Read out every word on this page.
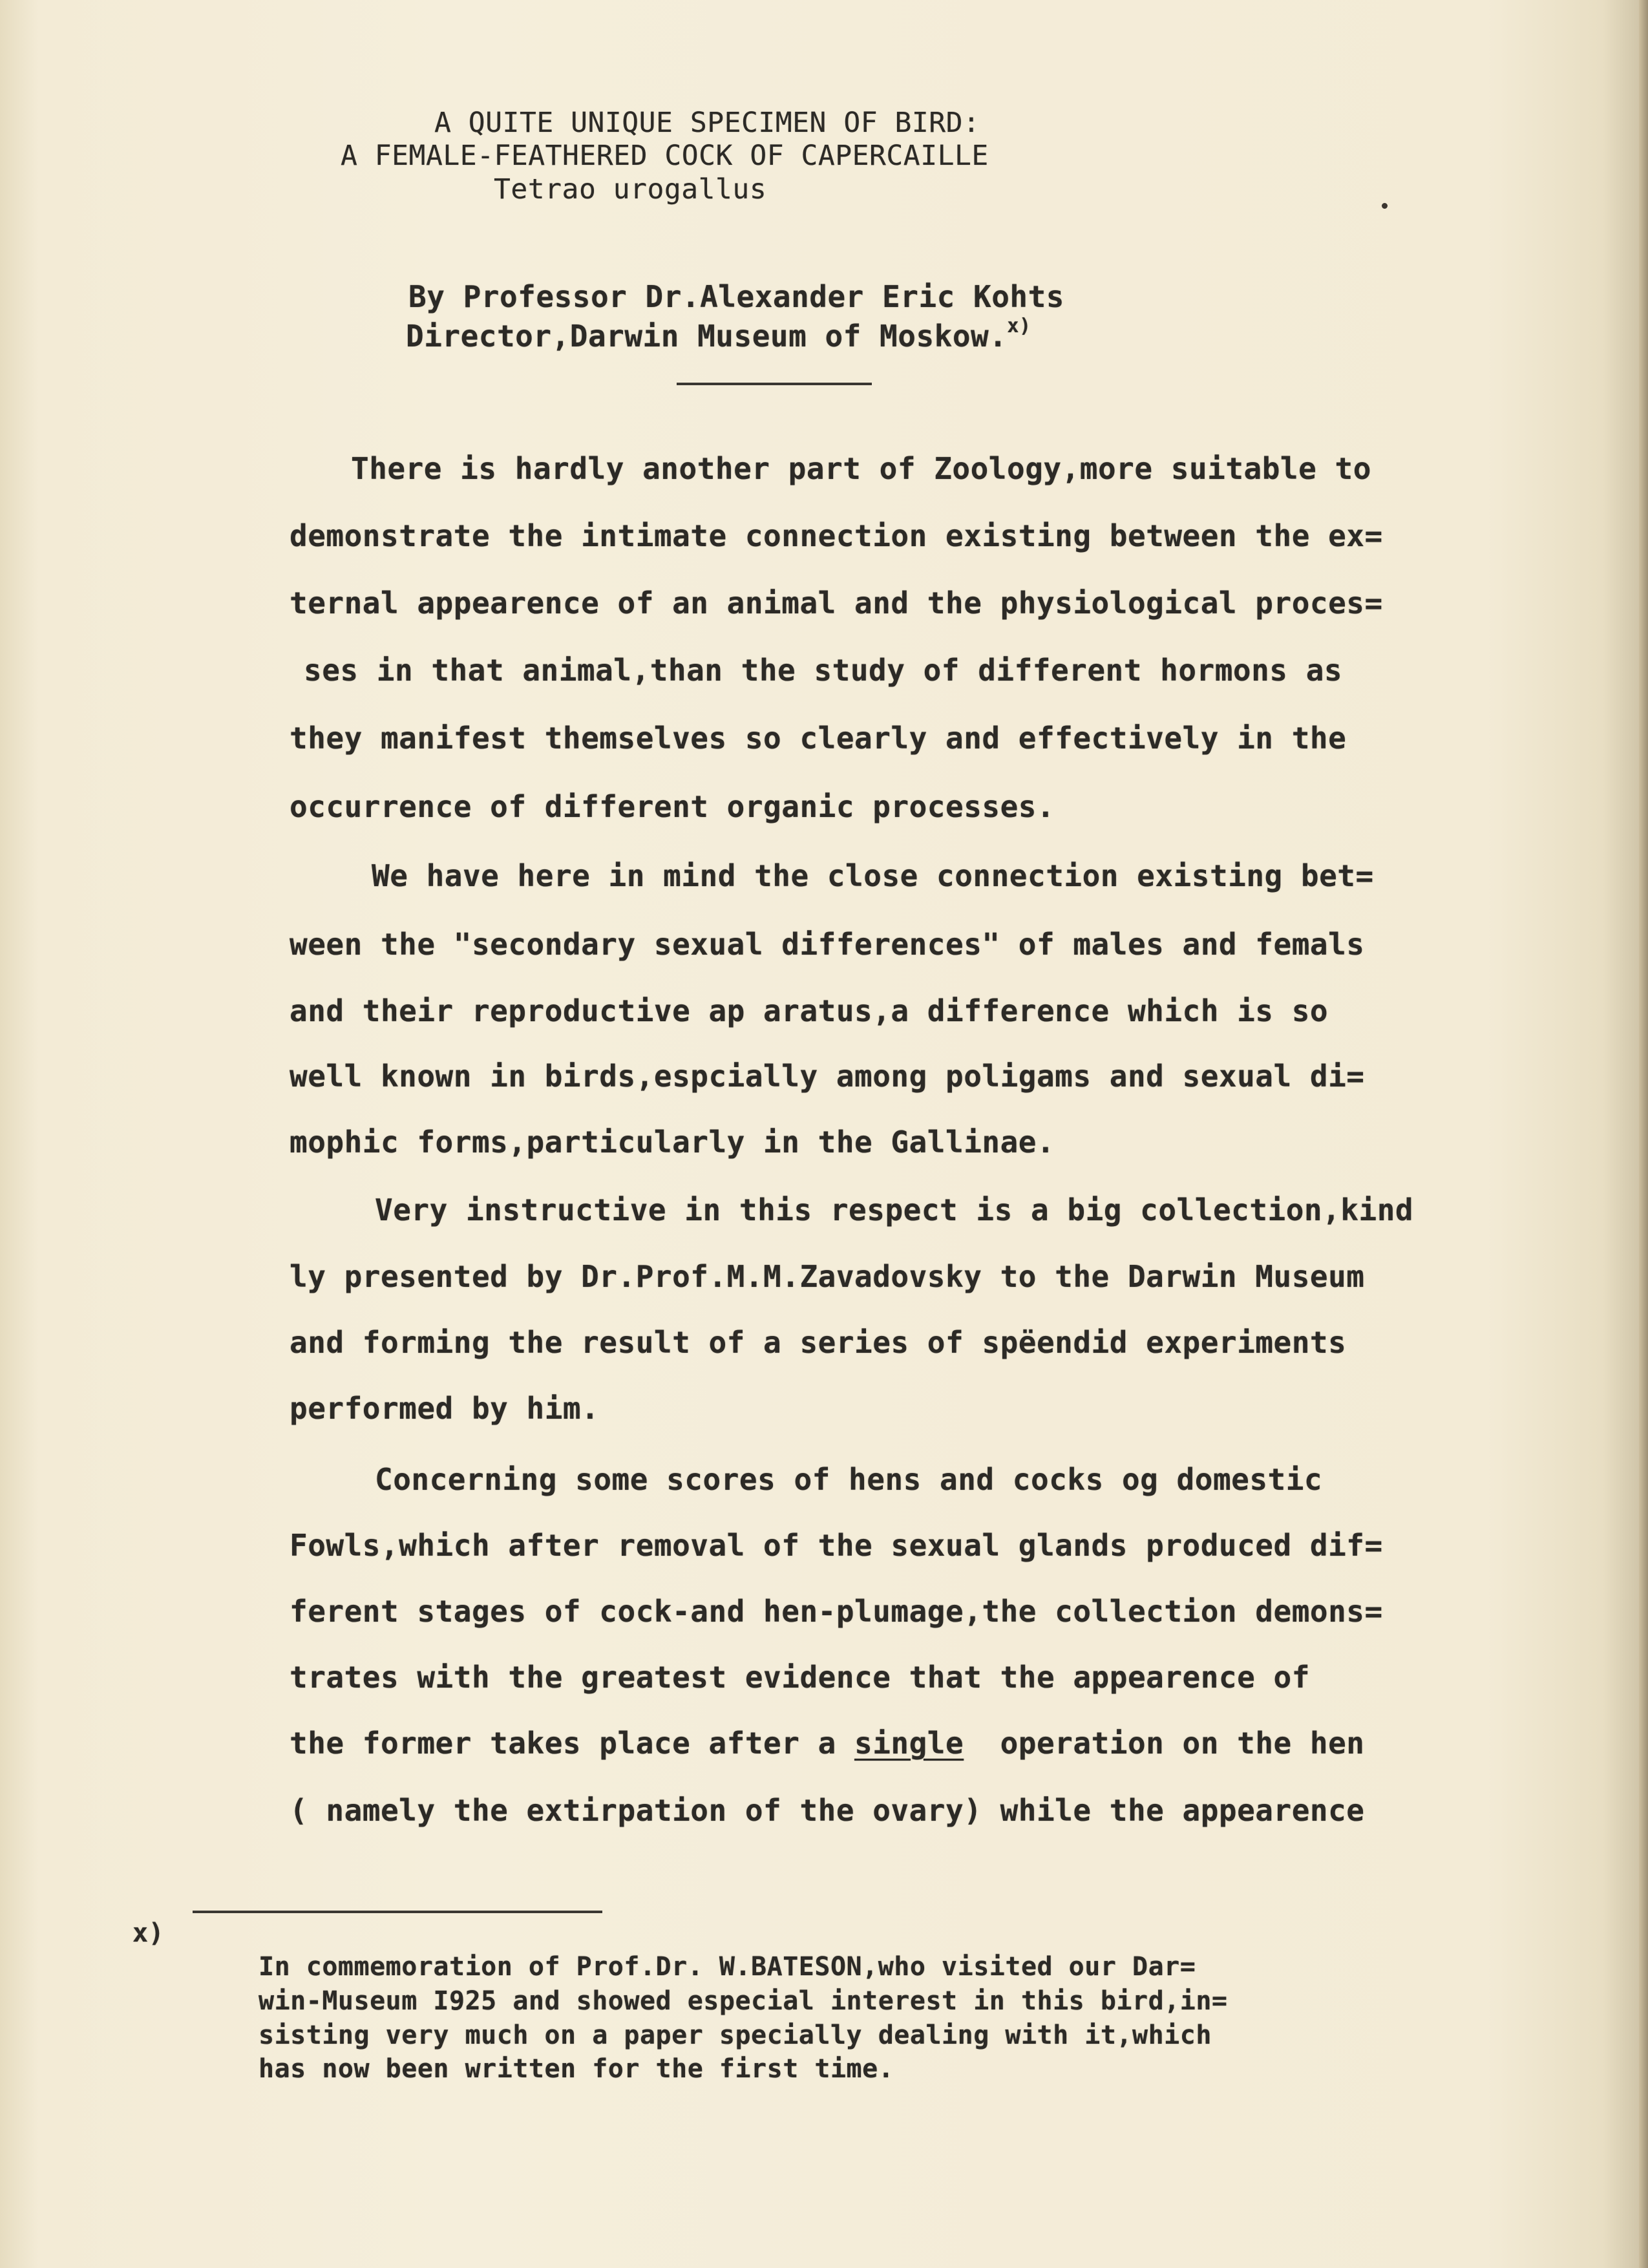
A QUITE UNIQUE SPECIMEN OF BIRD:
A FEMALE-FEATHERED COCK OF CAPERCAILLE
Tetrao urogallus
By Professor Dr.Alexander Eric Kohts
Director,Darwin Museum of Moskow.$^{x)}$
There is hardly another part of Zoology,more suitable to
demonstrate the intimate connection existing between the ex=
ternal appearence of an animal and the physiological proces=
ses in that animal,than the study of different hormons as
they manifest themselves so clearly and effectively in the
occurrence of different organic processes.
We have here in mind the close connection existing bet=
ween the "secondary sexual differences" of males and femals
and their reproductive ap aratus,a difference which is so
well known in birds,espcially among poligams and sexual di=
mophic forms,particularly in the Gallinae.
Very instructive in this respect is a big collection,kind
ly presented by Dr.Prof.M.M.Zavadovsky to the Darwin Museum
and forming the result of a series of spëendid experiments
performed by him.
Concerning some scores of hens and cocks og domestic
Fowls,which after removal of the sexual glands produced dif=
ferent stages of cock-and hen-plumage,the collection demons=
trates with the greatest evidence that the appearence of
the former takes place after a single  operation on the hen
( namely the extirpation of the ovary) while the appearence
x)
In commemoration of Prof.Dr. W.BATESON,who visited our Dar=
win-Museum I925 and showed especial interest in this bird,in=
sisting very much on a paper specially dealing with it,which
has now been written for the first time.
